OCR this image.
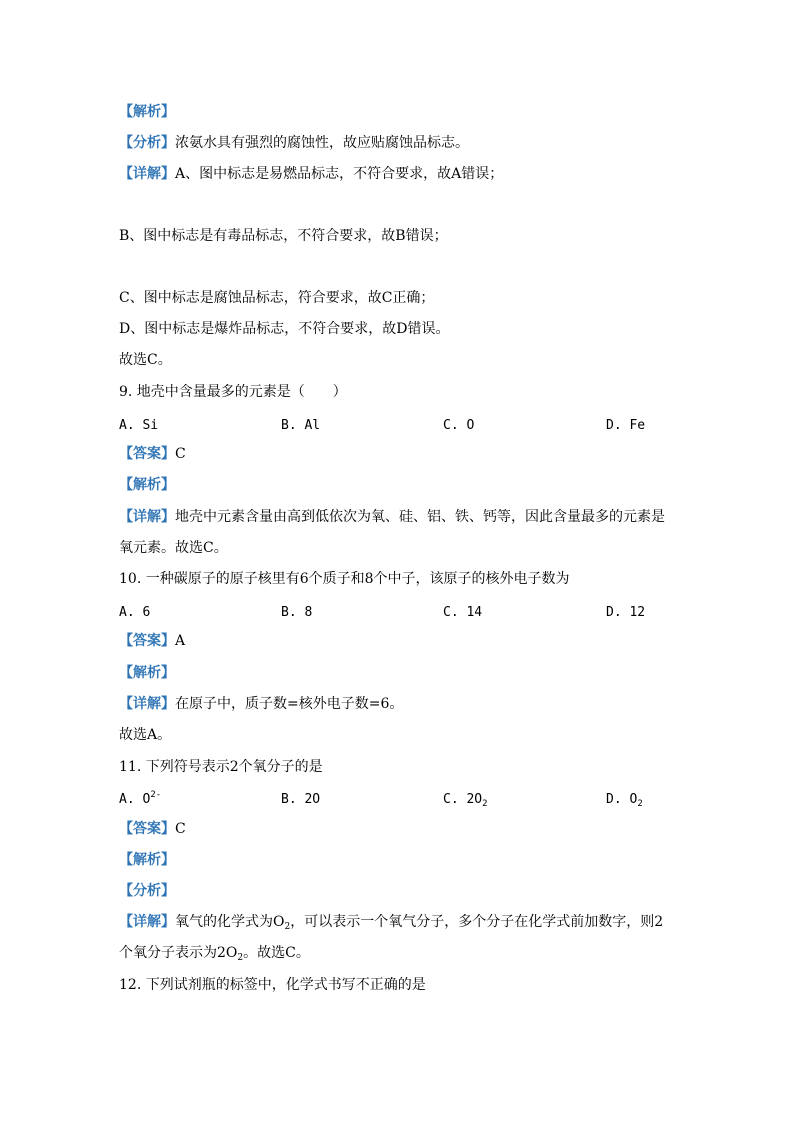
【解析】
【分析】浓氨水具有强烈的腐蚀性，故应贴腐蚀品标志。
【详解】A、图中标志是易燃品标志，不符合要求，故A错误；
B、图中标志是有毒品标志，不符合要求，故B错误；
C、图中标志是腐蚀品标志，符合要求，故C正确；
D、图中标志是爆炸品标志，不符合要求，故D错误。
故选C。
9. 地壳中含量最多的元素是（　　）
A. Si	B. Al	C. O	D. Fe
【答案】C
【解析】
【详解】地壳中元素含量由高到低依次为氧、硅、铝、铁、钙等，因此含量最多的元素是
氧元素。故选C。
10. 一种碳原子的原子核里有6个质子和8个中子，该原子的核外电子数为
A. 6	B. 8	C. 14	D. 12
【答案】A
【解析】
【详解】在原子中，质子数=核外电子数=6。
故选A。
11. 下列符号表示2个氧分子的是
A. $O^{2-}$	B. 2O	C. $2O_2$	D. $O_2$
【答案】C
【解析】
【分析】
【详解】氧气的化学式为$O_2$，可以表示一个氧气分子，多个分子在化学式前加数字，则2
个氧分子表示为$2O_2$。故选C。
12. 下列试剂瓶的标签中，化学式书写不正确的是
